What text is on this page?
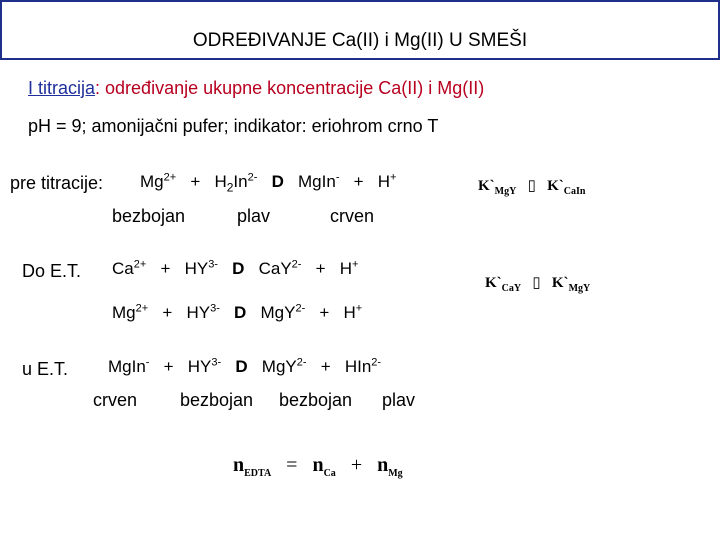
ODREĐIVANJE Ca(II) i Mg(II) U SMEŠI
I titracija: određivanje ukupne koncentracije Ca(II) i Mg(II)
pH = 9; amonijačni pufer; indikator: eriohrom crno T
pre titracije: $Mg^{2+} + H_2In^{2-}$ D MgIn- + H+
bezbojan	plav	crven
$K`_{MgY}$ ▯ $K`_{CaIn}$
Do E.T. $Ca^{2+} + HY^{3-}$ D CaY$^{2-}$ + H+
$K`_{CaY}$ ▯ $K`_{MgY}$
$Mg^{2+} + HY^{3-}$ D MgY$^{2-}$ + H+
u E.T. MgIn- + $HY^{3-}$ D MgY$^{2-}$ + HIn$^{2-}$
crven bezbojan bezbojan plav
$n_{EDTA} = n_{Ca} + n_{Mg}$
